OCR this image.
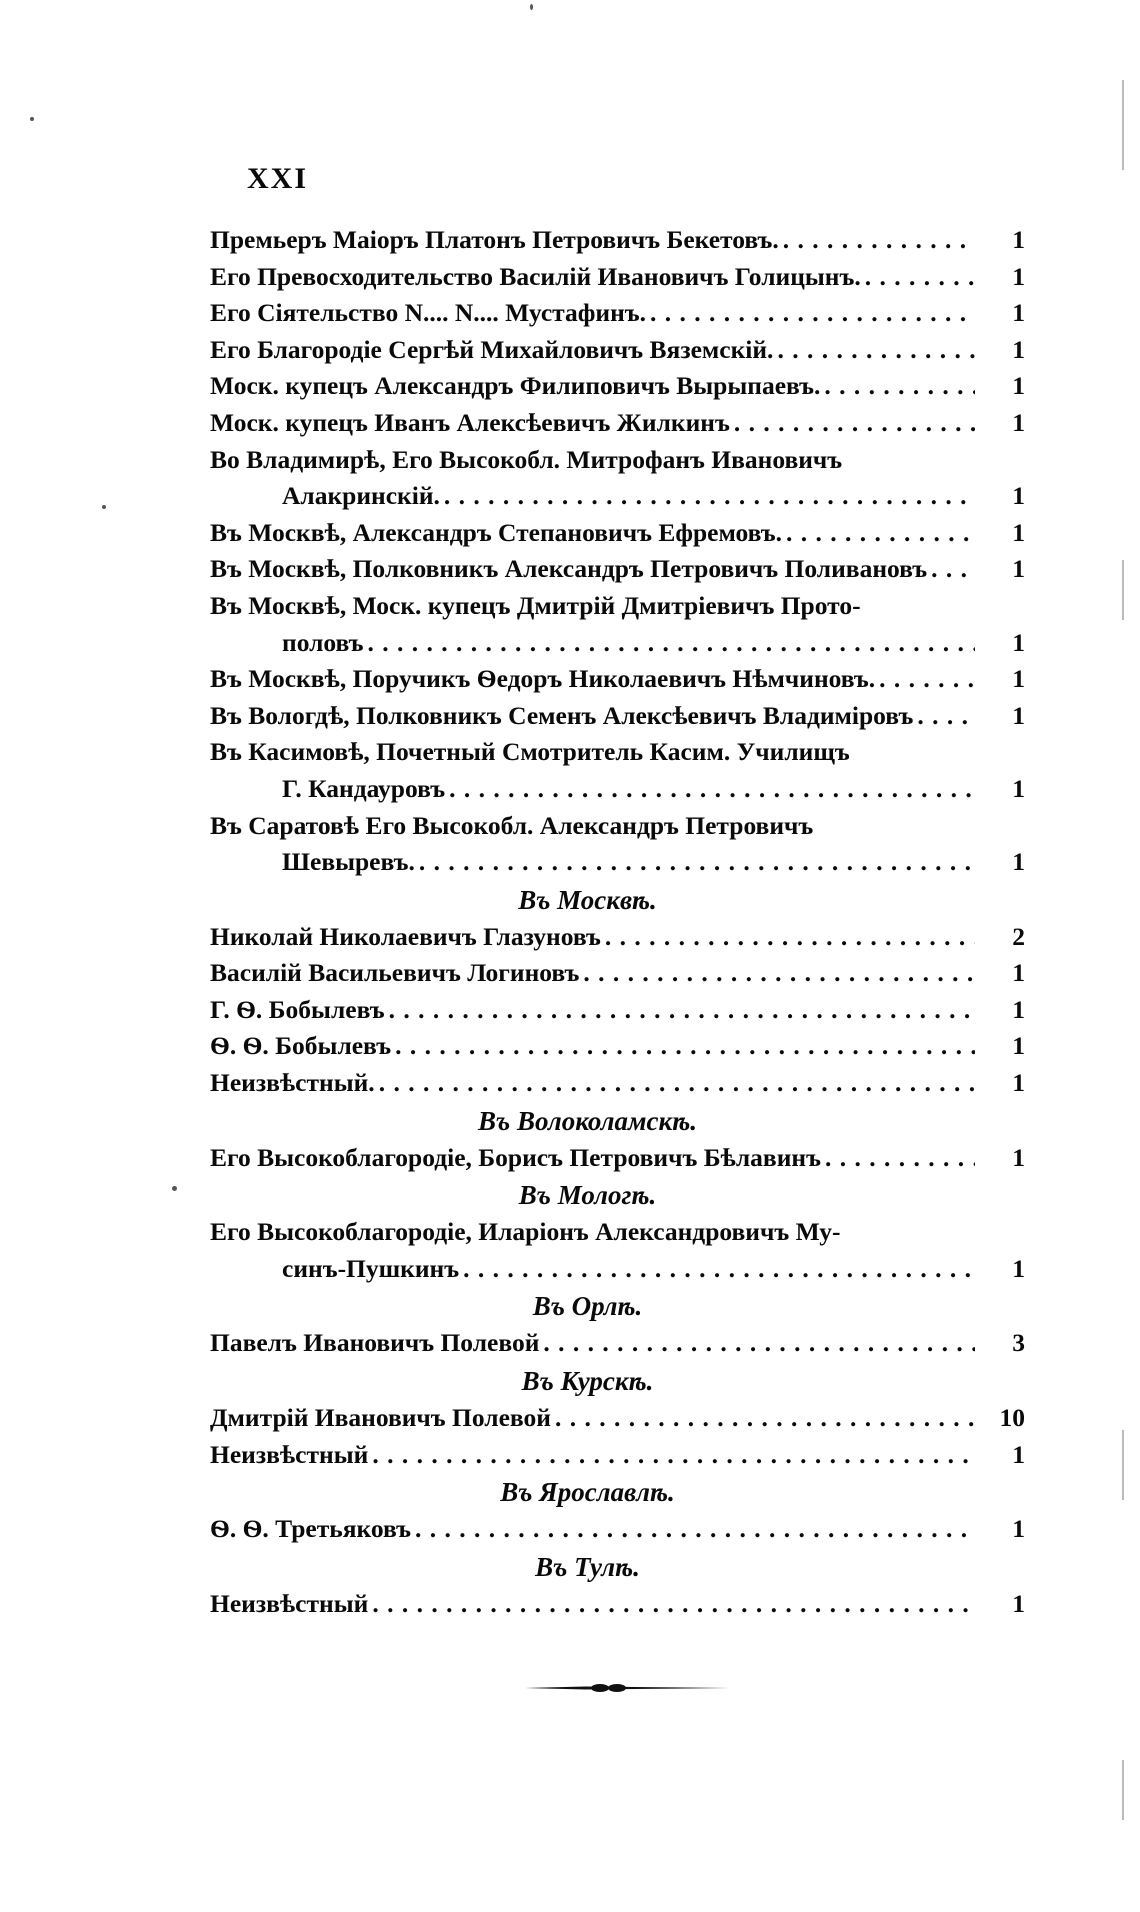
XXI
Премьеръ Маiоръ Платонъ Петровичъ Бекетовъ. . . .	1
Его Превосходительство Василiй Ивановичъ Голицынъ. . . .	1
Его Сiятельство N.... N.... Мустафинъ. . . .	1
Его Благородiе Сергѣй Михайловичъ Вяземскiй. . . .	1
Моск. купецъ Александръ Филиповичъ Вырыпаевъ. . . .	1
Моск. купецъ Иванъ Алексѣевичъ Жилкинъ . . .	1
Во Владимирѣ, Его Высокобл. Митрофанъ Ивановичъ
Алакринскiй. . . .	1
Въ Москвѣ, Александръ Степановичъ Ефремовъ. . . .	1
Въ Москвѣ, Полковникъ Александръ Петровичъ Поливановъ . . .	1
Въ Москвѣ, Моск. купецъ Дмитрiй Дмитрiевичъ Прото-
половъ . . .	1
Въ Москвѣ, Поручикъ Ѳедоръ Николаевичъ Нѣмчиновъ. . . .	1
Въ Вологдѣ, Полковникъ Семенъ Алексѣевичъ Владимiровъ . . .	1
Въ Касимовѣ, Почетный Смотритель Касим. Училищъ
Г. Кандауровъ . . .	1
Въ Саратовѣ Его Высокобл. Александръ Петровичъ
Шевыревъ. . . .	1
Въ Москвѣ.
Николай Николаевичъ Глазуновъ . . .	2
Василiй Васильевичъ Логиновъ . . .	1
Г. Ѳ. Бобылевъ . . .	1
Ѳ. Ѳ. Бобылевъ . . .	1
Неизвѣстный. . . .	1
Въ Волоколамскѣ.
Его Высокоблагородiе, Борисъ Петровичъ Бѣлавинъ . . .	1
Въ Мологѣ.
Его Высокоблагородiе, Иларiонъ Александровичъ Му-
синъ-Пушкинъ . . .	1
Въ Орлѣ.
Павелъ Ивановичъ Полевой . . .	3
Въ Курскѣ.
Дмитрiй Ивановичъ Полевой . . .	10
Неизвѣстный . . .	1
Въ Ярославлѣ.
Ѳ. Ѳ. Третьяковъ . . .	1
Въ Тулѣ.
Неизвѣстный . . .	1
